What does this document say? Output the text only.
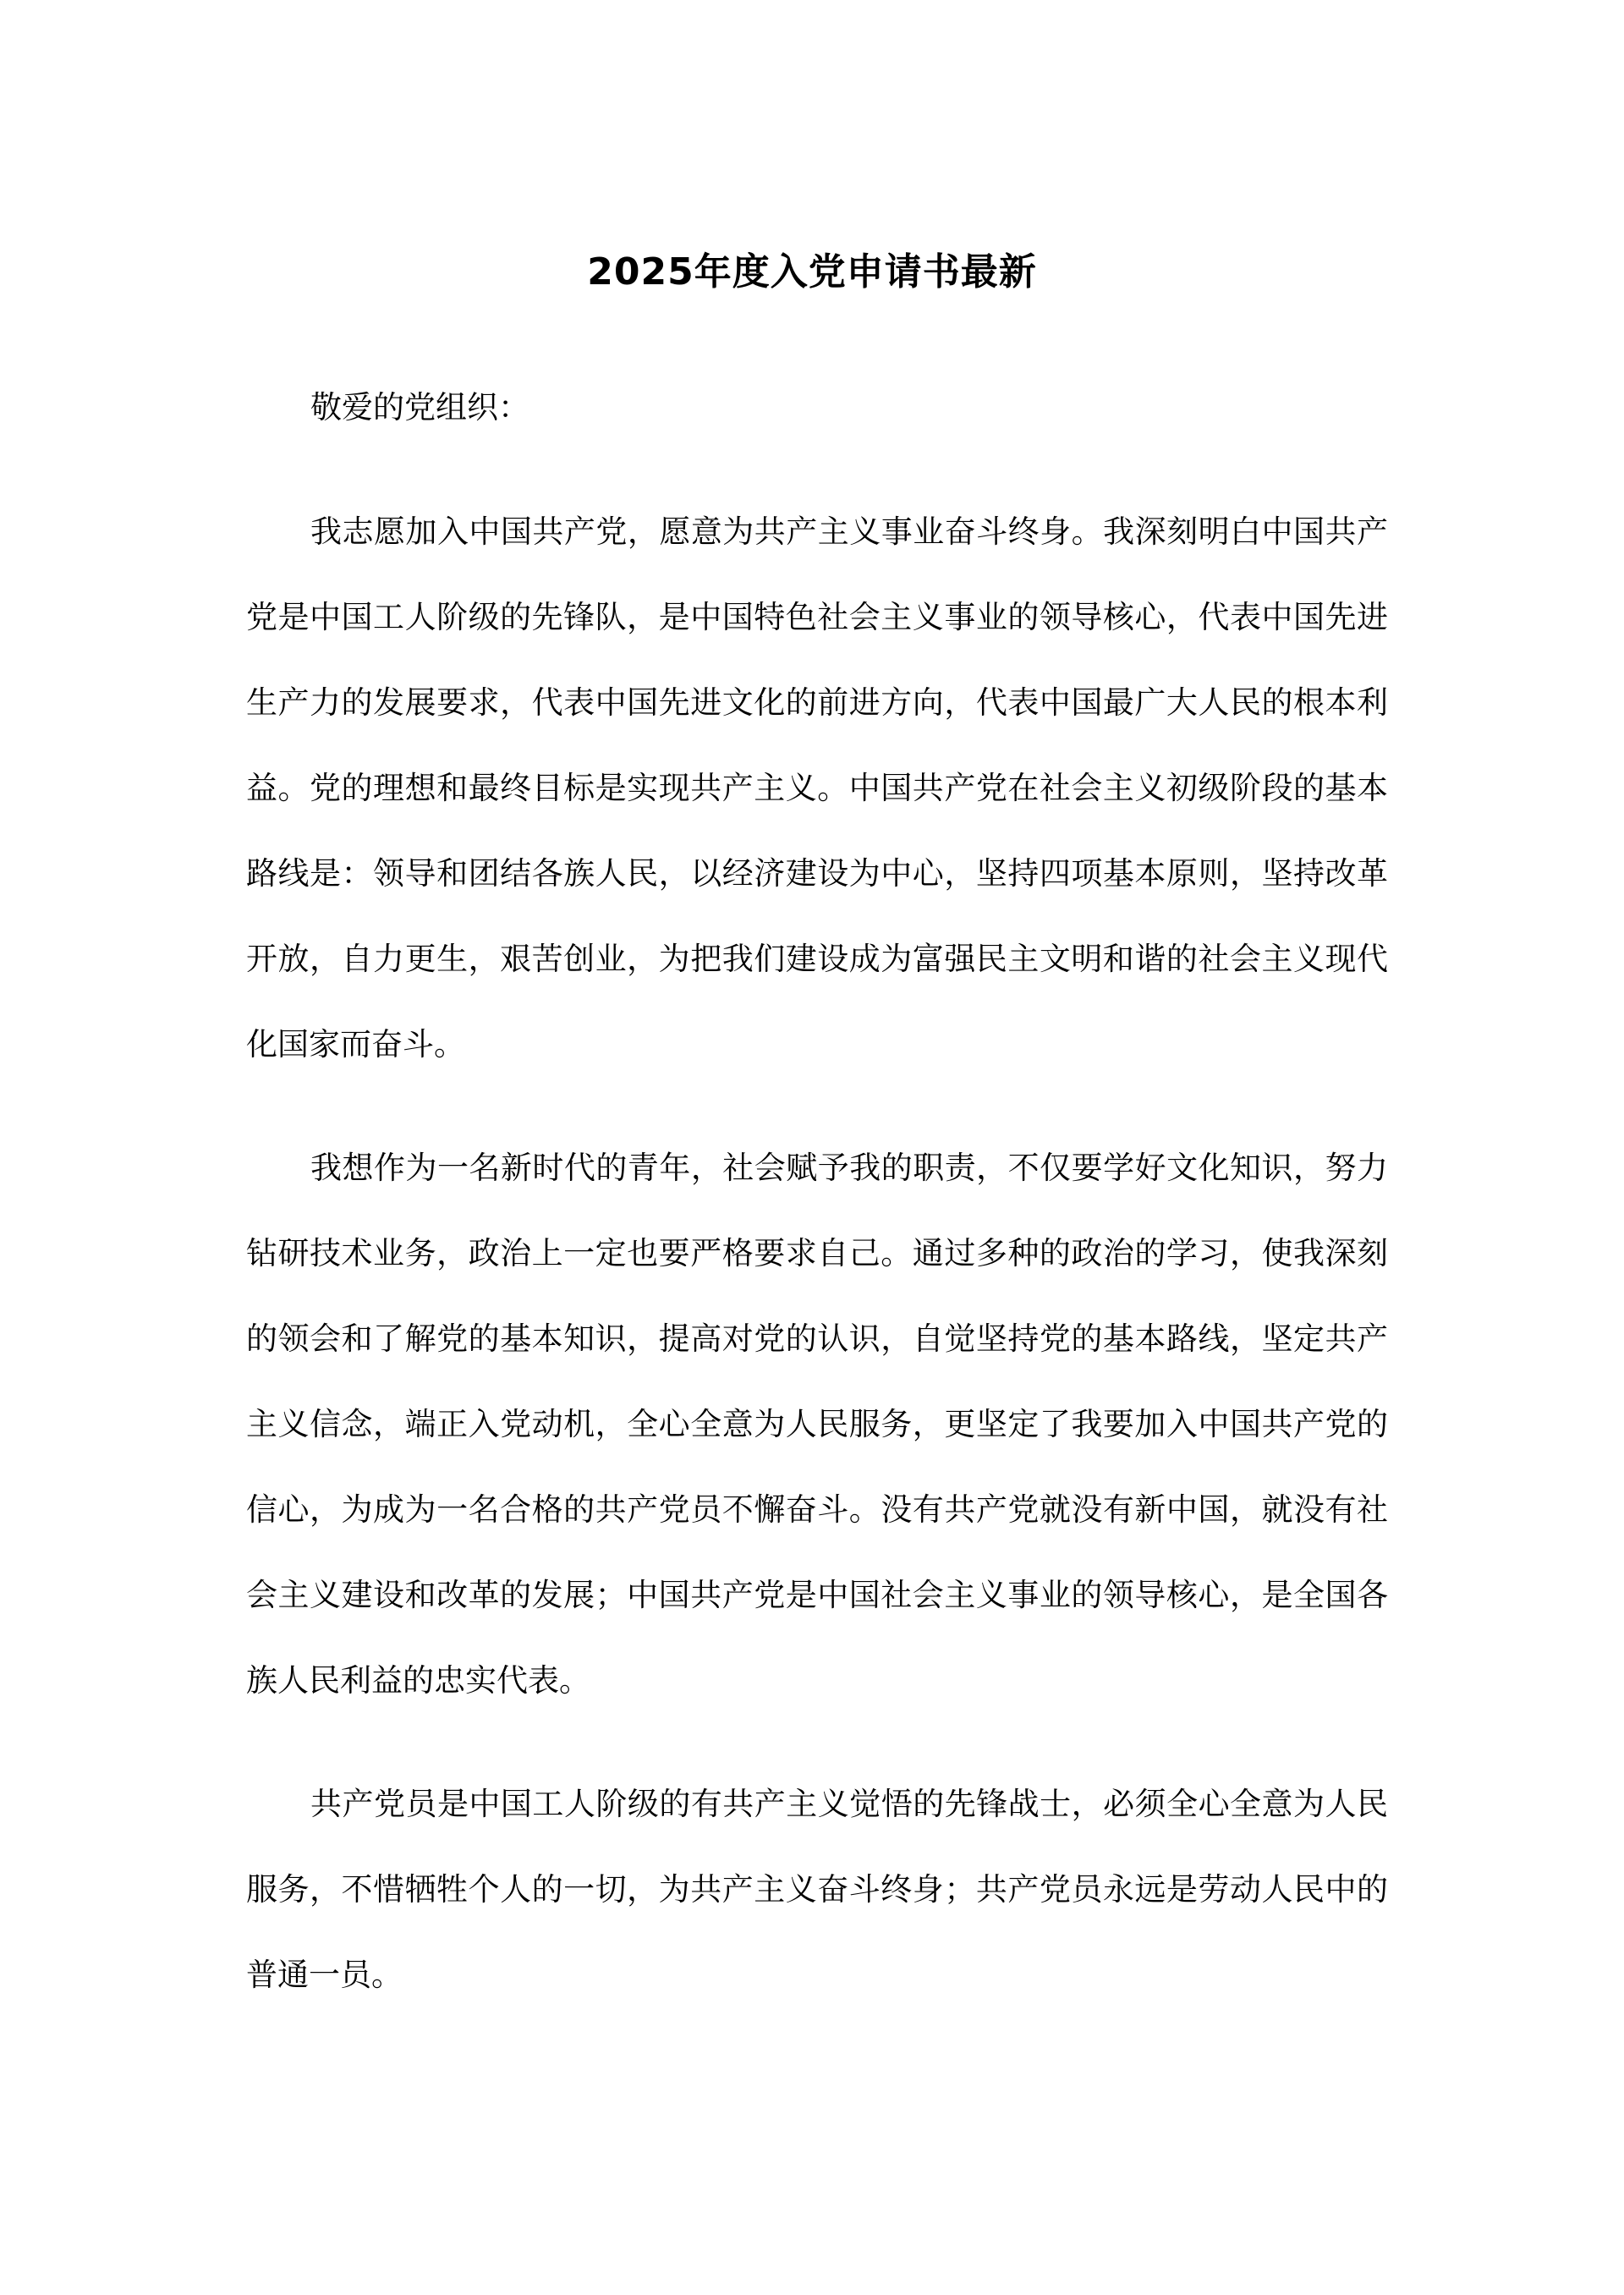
2025年度入党申请书最新
敬爱的党组织：

我志愿加入中国共产党，愿意为共产主义事业奋斗终身。我深刻明白中国共产党是中国工人阶级的先锋队，是中国特色社会主义事业的领导核心，代表中国先进生产力的发展要求，代表中国先进文化的前进方向，代表中国最广大人民的根本利益。党的理想和最终目标是实现共产主义。中国共产党在社会主义初级阶段的基本路线是：领导和团结各族人民，以经济建设为中心，坚持四项基本原则，坚持改革开放，自力更生，艰苦创业，为把我们建设成为富强民主文明和谐的社会主义现代化国家而奋斗。

我想作为一名新时代的青年，社会赋予我的职责，不仅要学好文化知识，努力钻研技术业务，政治上一定也要严格要求自己。通过多种的政治的学习，使我深刻的领会和了解党的基本知识，提高对党的认识，自觉坚持党的基本路线，坚定共产主义信念，端正入党动机，全心全意为人民服务，更坚定了我要加入中国共产党的信心，为成为一名合格的共产党员不懈奋斗。没有共产党就没有新中国，就没有社会主义建设和改革的发展；中国共产党是中国社会主义事业的领导核心，是全国各族人民利益的忠实代表。

共产党员是中国工人阶级的有共产主义觉悟的先锋战士，必须全心全意为人民服务，不惜牺牲个人的一切，为共产主义奋斗终身；共产党员永远是劳动人民中的普通一员。
